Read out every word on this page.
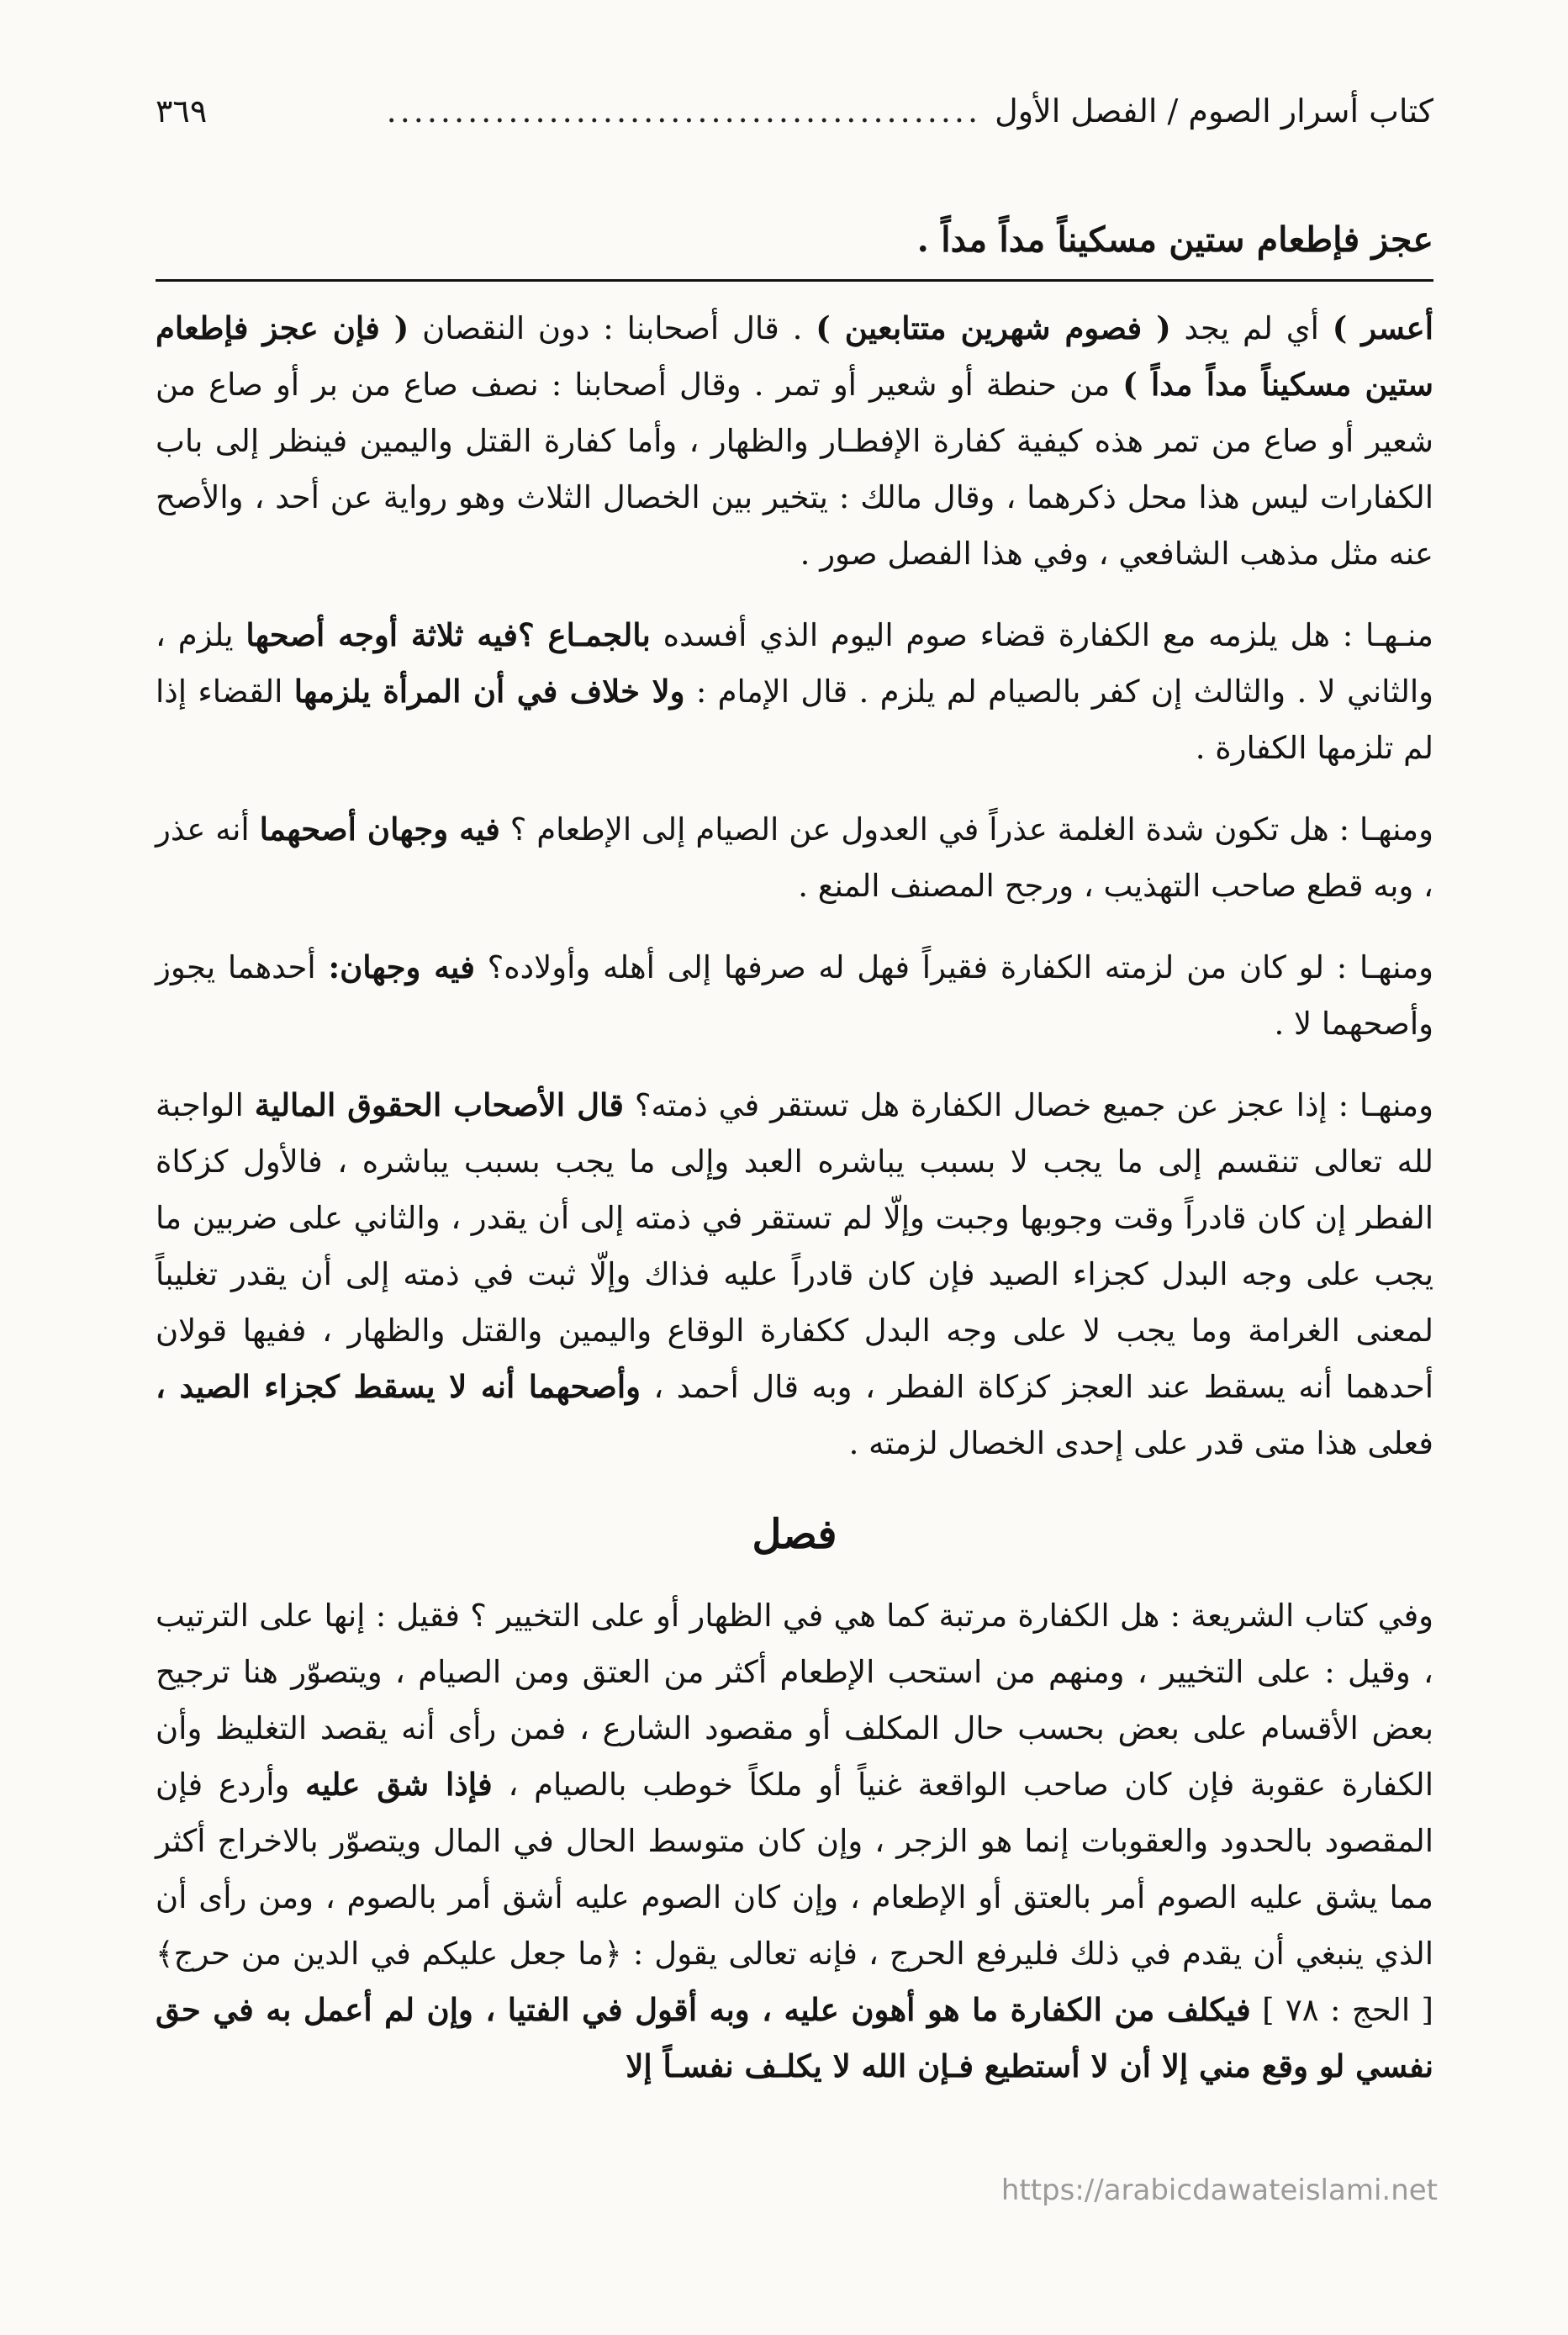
كتاب أسرار الصوم / الفصل الأول
............................................
٣٦٩
عجز فإطعام ستين مسكيناً مداً مداً .

أعسر ) أي لم يجد ( فصوم شهرين متتابعين ) . قال أصحابنا : دون النقصان ( فإن عجز فإطعام ستين مسكيناً مداً مداً ) من حنطة أو شعير أو تمر . وقال أصحابنا : نصف صاع من بر أو صاع من شعير أو صاع من تمر هذه كيفية كفارة الإفطـار والظهار ، وأما كفارة القتل واليمين فينظر إلى باب الكفارات ليس هذا محل ذكرهما ، وقال مالك : يتخير بين الخصال الثلاث وهو رواية عن أحد ، والأصح عنه مثل مذهب الشافعي ، وفي هذا الفصل صور .

منـهـا : هل يلزمه مع الكفارة قضاء صوم اليوم الذي أفسده بالجمـاع ؟فيه ثلاثة أوجه أصحها يلزم ، والثاني لا . والثالث إن كفر بالصيام لم يلزم . قال الإمام : ولا خلاف في أن المرأة يلزمها القضاء إذا لم تلزمها الكفارة .

ومنهـا : هل تكون شدة الغلمة عذراً في العدول عن الصيام إلى الإطعام ؟ فيه وجهان أصحهما أنه عذر ، وبه قطع صاحب التهذيب ، ورجح المصنف المنع .

ومنهـا : لو كان من لزمته الكفارة فقيراً فهل له صرفها إلى أهله وأولاده؟ فيه وجهان: أحدهما يجوز وأصحهما لا .

ومنهـا : إذا عجز عن جميع خصال الكفارة هل تستقر في ذمته؟ قال الأصحاب الحقوق المالية الواجبة لله تعالى تنقسم إلى ما يجب لا بسبب يباشره العبد وإلى ما يجب بسبب يباشره ، فالأول كزكاة الفطر إن كان قادراً وقت وجوبها وجبت وإلّا لم تستقر في ذمته إلى أن يقدر ، والثاني على ضربين ما يجب على وجه البدل كجزاء الصيد فإن كان قادراً عليه فذاك وإلّا ثبت في ذمته إلى أن يقدر تغليباً لمعنى الغرامة وما يجب لا على وجه البدل ككفارة الوقاع واليمين والقتل والظهار ، ففيها قولان أحدهما أنه يسقط عند العجز كزكاة الفطر ، وبه قال أحمد ، وأصحهما أنه لا يسقط كجزاء الصيد ، فعلى هذا متى قدر على إحدى الخصال لزمته .

فصل

وفي كتاب الشريعة : هل الكفارة مرتبة كما هي في الظهار أو على التخيير ؟ فقيل : إنها على الترتيب ، وقيل : على التخيير ، ومنهم من استحب الإطعام أكثر من العتق ومن الصيام ، ويتصوّر هنا ترجيح بعض الأقسام على بعض بحسب حال المكلف أو مقصود الشارع ، فمن رأى أنه يقصد التغليظ وأن الكفارة عقوبة فإن كان صاحب الواقعة غنياً أو ملكاً خوطب بالصيام ، فإذا شق عليه وأردع فإن المقصود بالحدود والعقوبات إنما هو الزجر ، وإن كان متوسط الحال في المال ويتصوّر بالاخراج أكثر مما يشق عليه الصوم أمر بالعتق أو الإطعام ، وإن كان الصوم عليه أشق أمر بالصوم ، ومن رأى أن الذي ينبغي أن يقدم في ذلك فليرفع الحرج ، فإنه تعالى يقول : ﴿ما جعل عليكم في الدين من حرج﴾ [ الحج : ٧٨ ] فيكلف من الكفارة ما هو أهون عليه ، وبه أقول في الفتيا ، وإن لم أعمل به في حق نفسي لو وقع مني إلا أن لا أستطيع فـإن الله لا يكلـف نفسـاً إلا

https://arabicdawateislami.net
